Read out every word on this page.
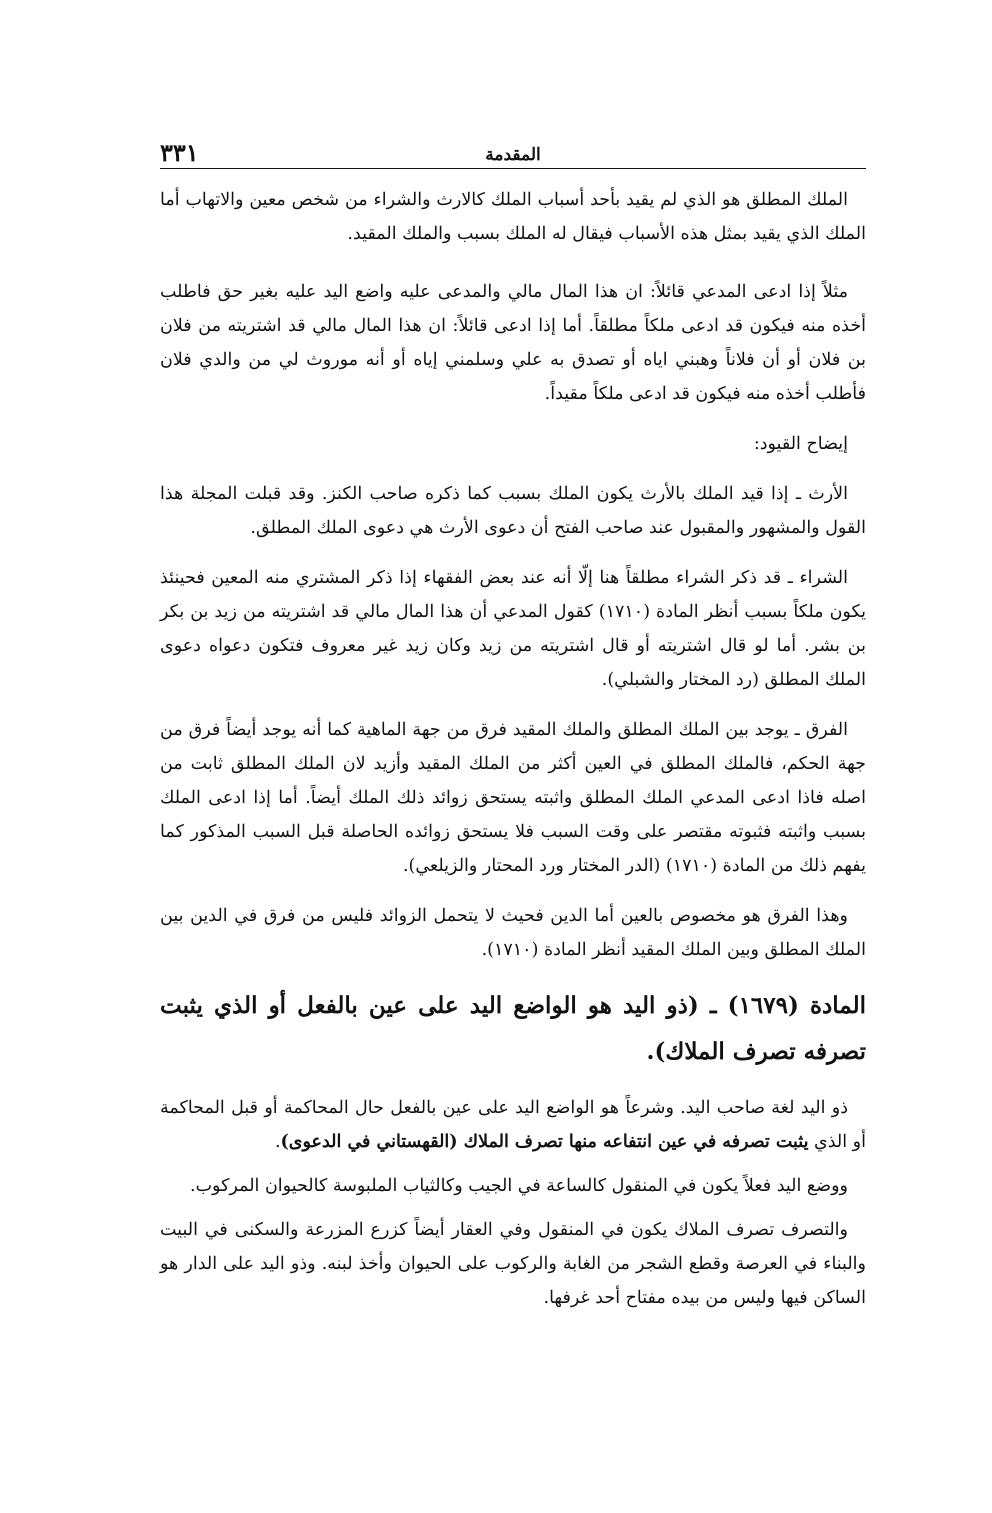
المقدمة
٣٣١

الملك المطلق هو الذي لم يقيد بأحد أسباب الملك كالارث والشراء من شخص معين والاتهاب أما الملك الذي يقيد بمثل هذه الأسباب فيقال له الملك بسبب والملك المقيد.

مثلاً إذا ادعى المدعي قائلاً: ان هذا المال مالي والمدعى عليه واضع اليد عليه بغير حق فاطلب أخذه منه فيكون قد ادعى ملكاً مطلقاً. أما إذا ادعى قائلاً: ان هذا المال مالي قد اشتريته من فلان بن فلان أو أن فلاناً وهبني اياه أو تصدق به علي وسلمني إياه أو أنه موروث لي من والدي فلان فأطلب أخذه منه فيكون قد ادعى ملكاً مقيداً.

إيضاح القيود:

الأرث ـ إذا قيد الملك بالأرث يكون الملك بسبب كما ذكره صاحب الكنز. وقد قبلت المجلة هذا القول والمشهور والمقبول عند صاحب الفتح أن دعوى الأرث هي دعوى الملك المطلق.

الشراء ـ قد ذكر الشراء مطلقاً هنا إلّا أنه عند بعض الفقهاء إذا ذكر المشتري منه المعين فحينئذ يكون ملكاً بسبب أنظر المادة (١٧١٠) كقول المدعي أن هذا المال مالي قد اشتريته من زيد بن بكر بن بشر. أما لو قال اشتريته أو قال اشتريته من زيد وكان زيد غير معروف فتكون دعواه دعوى الملك المطلق (رد المختار والشبلي).

الفرق ـ يوجد بين الملك المطلق والملك المقيد فرق من جهة الماهية كما أنه يوجد أيضاً فرق من جهة الحكم، فالملك المطلق في العين أكثر من الملك المقيد وأزيد لان الملك المطلق ثابت من اصله فاذا ادعى المدعي الملك المطلق واثبته يستحق زوائد ذلك الملك أيضاً. أما إذا ادعى الملك بسبب واثبته فثبوته مقتصر على وقت السبب فلا يستحق زوائده الحاصلة قبل السبب المذكور كما يفهم ذلك من المادة (١٧١٠) (الدر المختار ورد المحتار والزيلعي).

وهذا الفرق هو مخصوص بالعين أما الدين فحيث لا يتحمل الزوائد فليس من فرق في الدين بين الملك المطلق وبين الملك المقيد أنظر المادة (١٧١٠).

المادة (١٦٧٩) ـ (ذو اليد هو الواضع اليد على عين بالفعل أو الذي يثبت تصرفه تصرف الملاك).

ذو اليد لغة صاحب اليد. وشرعاً هو الواضع اليد على عين بالفعل حال المحاكمة أو قبل المحاكمة أو الذي يثبت تصرفه في عين انتفاعه منها تصرف الملاك (القهستاني في الدعوى).

ووضع اليد فعلاً يكون في المنقول كالساعة في الجيب وكالثياب الملبوسة كالحيوان المركوب.

والتصرف تصرف الملاك يكون في المنقول وفي العقار أيضاً كزرع المزرعة والسكنى في البيت والبناء في العرصة وقطع الشجر من الغابة والركوب على الحيوان وأخذ لبنه. وذو اليد على الدار هو الساكن فيها وليس من بيده مفتاح أحد غرفها.
